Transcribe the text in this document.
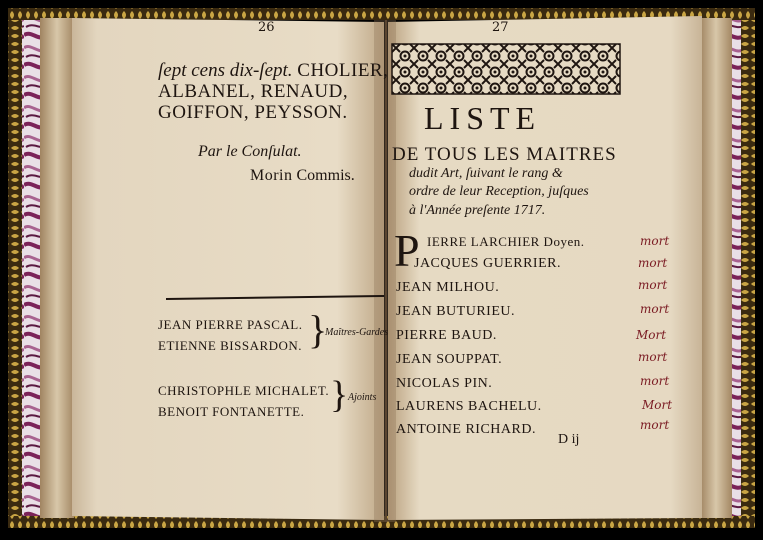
26
ſept cens dix-ſept. CHOLIER,
ALBANEL, RENAUD,
GOIFFON, PEYSSON.
Par le Conſulat.
Morin Commis.
JEAN PIERRE PASCAL.
ETIENNE BISSARDON. }
Maîtres-Gardes
CHRISTOPHLE MICHALET.
BENOIT FONTANETTE. } Ajoints
27
LISTE
DE TOUS LES MAITRES
dudit Art, ſuivant le rang &
ordre de leur Reception, juſques
à l'Année preſente 1717.
P IERRE LARCHIER Doyen.
JACQUES GUERRIER.
JEAN MILHOU.
JEAN BUTURIEU.
PIERRE BAUD.
JEAN SOUPPAT.
NICOLAS PIN.
LAURENS BACHELU.
ANTOINE RICHARD.
mort
mort
mort
mort
Mort
mort
mort
Mort
mort
D ij
